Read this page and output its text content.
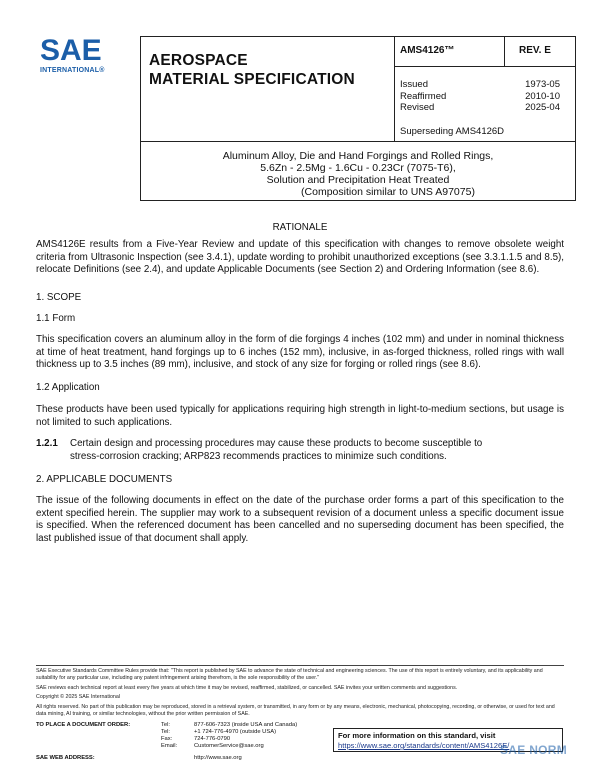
SAE
INTERNATIONAL®
AEROSPACE
MATERIAL SPECIFICATION
AMS4126™	REV. E
Issued	1973-05
Reaffirmed	2010-10
Revised	2025-04
Superseding AMS4126D
Aluminum Alloy, Die and Hand Forgings and Rolled Rings,
5.6Zn - 2.5Mg - 1.6Cu - 0.23Cr (7075-T6),
Solution and Precipitation Heat Treated
(Composition similar to UNS A97075)
RATIONALE
AMS4126E results from a Five-Year Review and update of this specification with changes to remove obsolete weight criteria from Ultrasonic Inspection (see 3.4.1), update wording to prohibit unauthorized exceptions (see 3.3.1.1.5 and 8.5), relocate Definitions (see 2.4), and update Applicable Documents (see Section 2) and Ordering Information (see 8.6).
1. SCOPE
1.1 Form
This specification covers an aluminum alloy in the form of die forgings 4 inches (102 mm) and under in nominal thickness at time of heat treatment, hand forgings up to 6 inches (152 mm), inclusive, in as-forged thickness, rolled rings with wall thickness up to 3.5 inches (89 mm), inclusive, and stock of any size for forging or rolled rings (see 8.6).
1.2 Application
These products have been used typically for applications requiring high strength in light-to-medium sections, but usage is not limited to such applications.
1.2.1 Certain design and processing procedures may cause these products to become susceptible to stress-corrosion cracking; ARP823 recommends practices to minimize such conditions.
2. APPLICABLE DOCUMENTS
The issue of the following documents in effect on the date of the purchase order forms a part of this specification to the extent specified herein. The supplier may work to a subsequent revision of a document unless a specific document issue is specified. When the referenced document has been cancelled and no superseding document has been specified, the last published issue of that document shall apply.

SAE Executive Standards Committee Rules provide that: "This report is published by SAE to advance the state of technical and engineering sciences. The use of this report is entirely voluntary, and its applicability and suitability for any particular use, including any patent infringement arising therefrom, is the sole responsibility of the user."

SAE reviews each technical report at least every five years at which time it may be revised, reaffirmed, stabilized, or cancelled. SAE invites your written comments and suggestions.

Copyright © 2025 SAE International

All rights reserved. No part of this publication may be reproduced, stored in a retrieval system, or transmitted, in any form or by any means, electronic, mechanical, photocopying, recording, or otherwise, or used for text and data mining, AI training, or similar technologies, without the prior written permission of SAE.

TO PLACE A DOCUMENT ORDER:	Tel:	877-606-7323 (inside USA and Canada)
Tel:	+1 724-776-4970 (outside USA)
Fax:	724-776-0790
Email:	CustomerService@sae.org
SAE WEB ADDRESS:	http://www.sae.org
For more information on this standard, visit
https://www.sae.org/standards/content/AMS4126E/
SAE NORM
